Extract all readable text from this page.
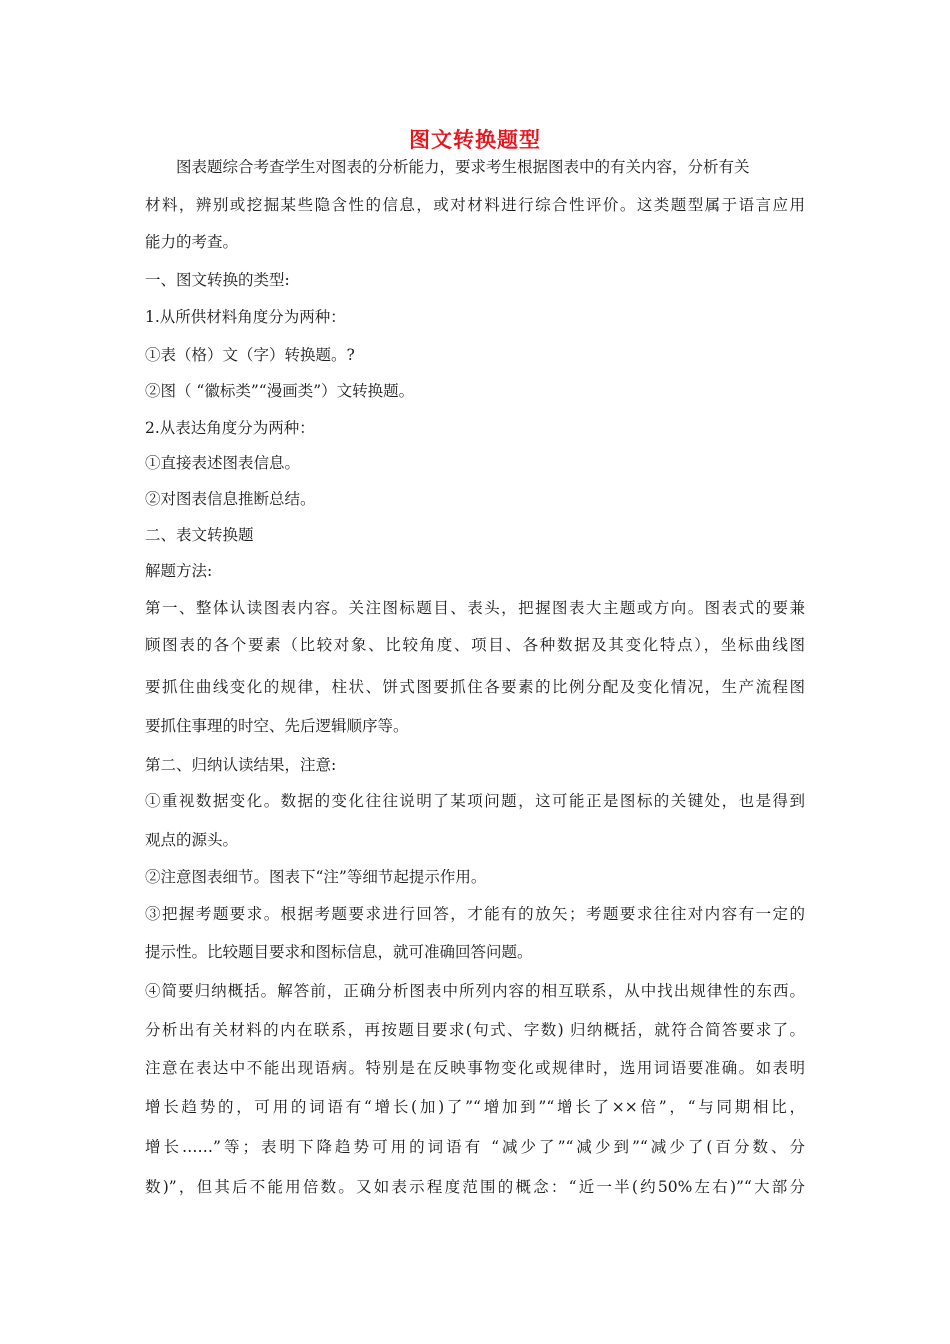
图文转换题型
图表题综合考查学生对图表的分析能力，要求考生根据图表中的有关内容，分析有关
材料，辨别或挖掘某些隐含性的信息，或对材料进行综合性评价。这类题型属于语言应用
能力的考查。
一、图文转换的类型:
1.从所供材料角度分为两种：
①表（格）文（字）转换题。?
②图（ “徽标类”“漫画类”）文转换题。
2.从表达角度分为两种：
①直接表述图表信息。
②对图表信息推断总结。
二、表文转换题
解题方法:
第一、整体认读图表内容。关注图标题目、表头，把握图表大主题或方向。图表式的要兼
顾图表的各个要素（比较对象、比较角度、项目、各种数据及其变化特点），坐标曲线图
要抓住曲线变化的规律，柱状、饼式图要抓住各要素的比例分配及变化情况，生产流程图
要抓住事理的时空、先后逻辑顺序等。
第二、归纳认读结果，注意:
①重视数据变化。数据的变化往往说明了某项问题，这可能正是图标的关键处，也是得到
观点的源头。
②注意图表细节。图表下“注”等细节起提示作用。
③把握考题要求。根据考题要求进行回答，才能有的放矢；考题要求往往对内容有一定的
提示性。比较题目要求和图标信息，就可准确回答问题。
④简要归纳概括。解答前，正确分析图表中所列内容的相互联系，从中找出规律性的东西。
分析出有关材料的内在联系，再按题目要求(句式、字数) 归纳概括，就符合简答要求了。
注意在表达中不能出现语病。特别是在反映事物变化或规律时，选用词语要准确。如表明
增长趋势的，可用的词语有“增长(加)了”“增加到”“增长了××倍”，“与同期相比，
增长……”等；表明下降趋势可用的词语有 “减少了”“减少到”“减少了(百分数、分
数)”，但其后不能用倍数。又如表示程度范围的概念：“近一半(约50%左右)”“大部分
